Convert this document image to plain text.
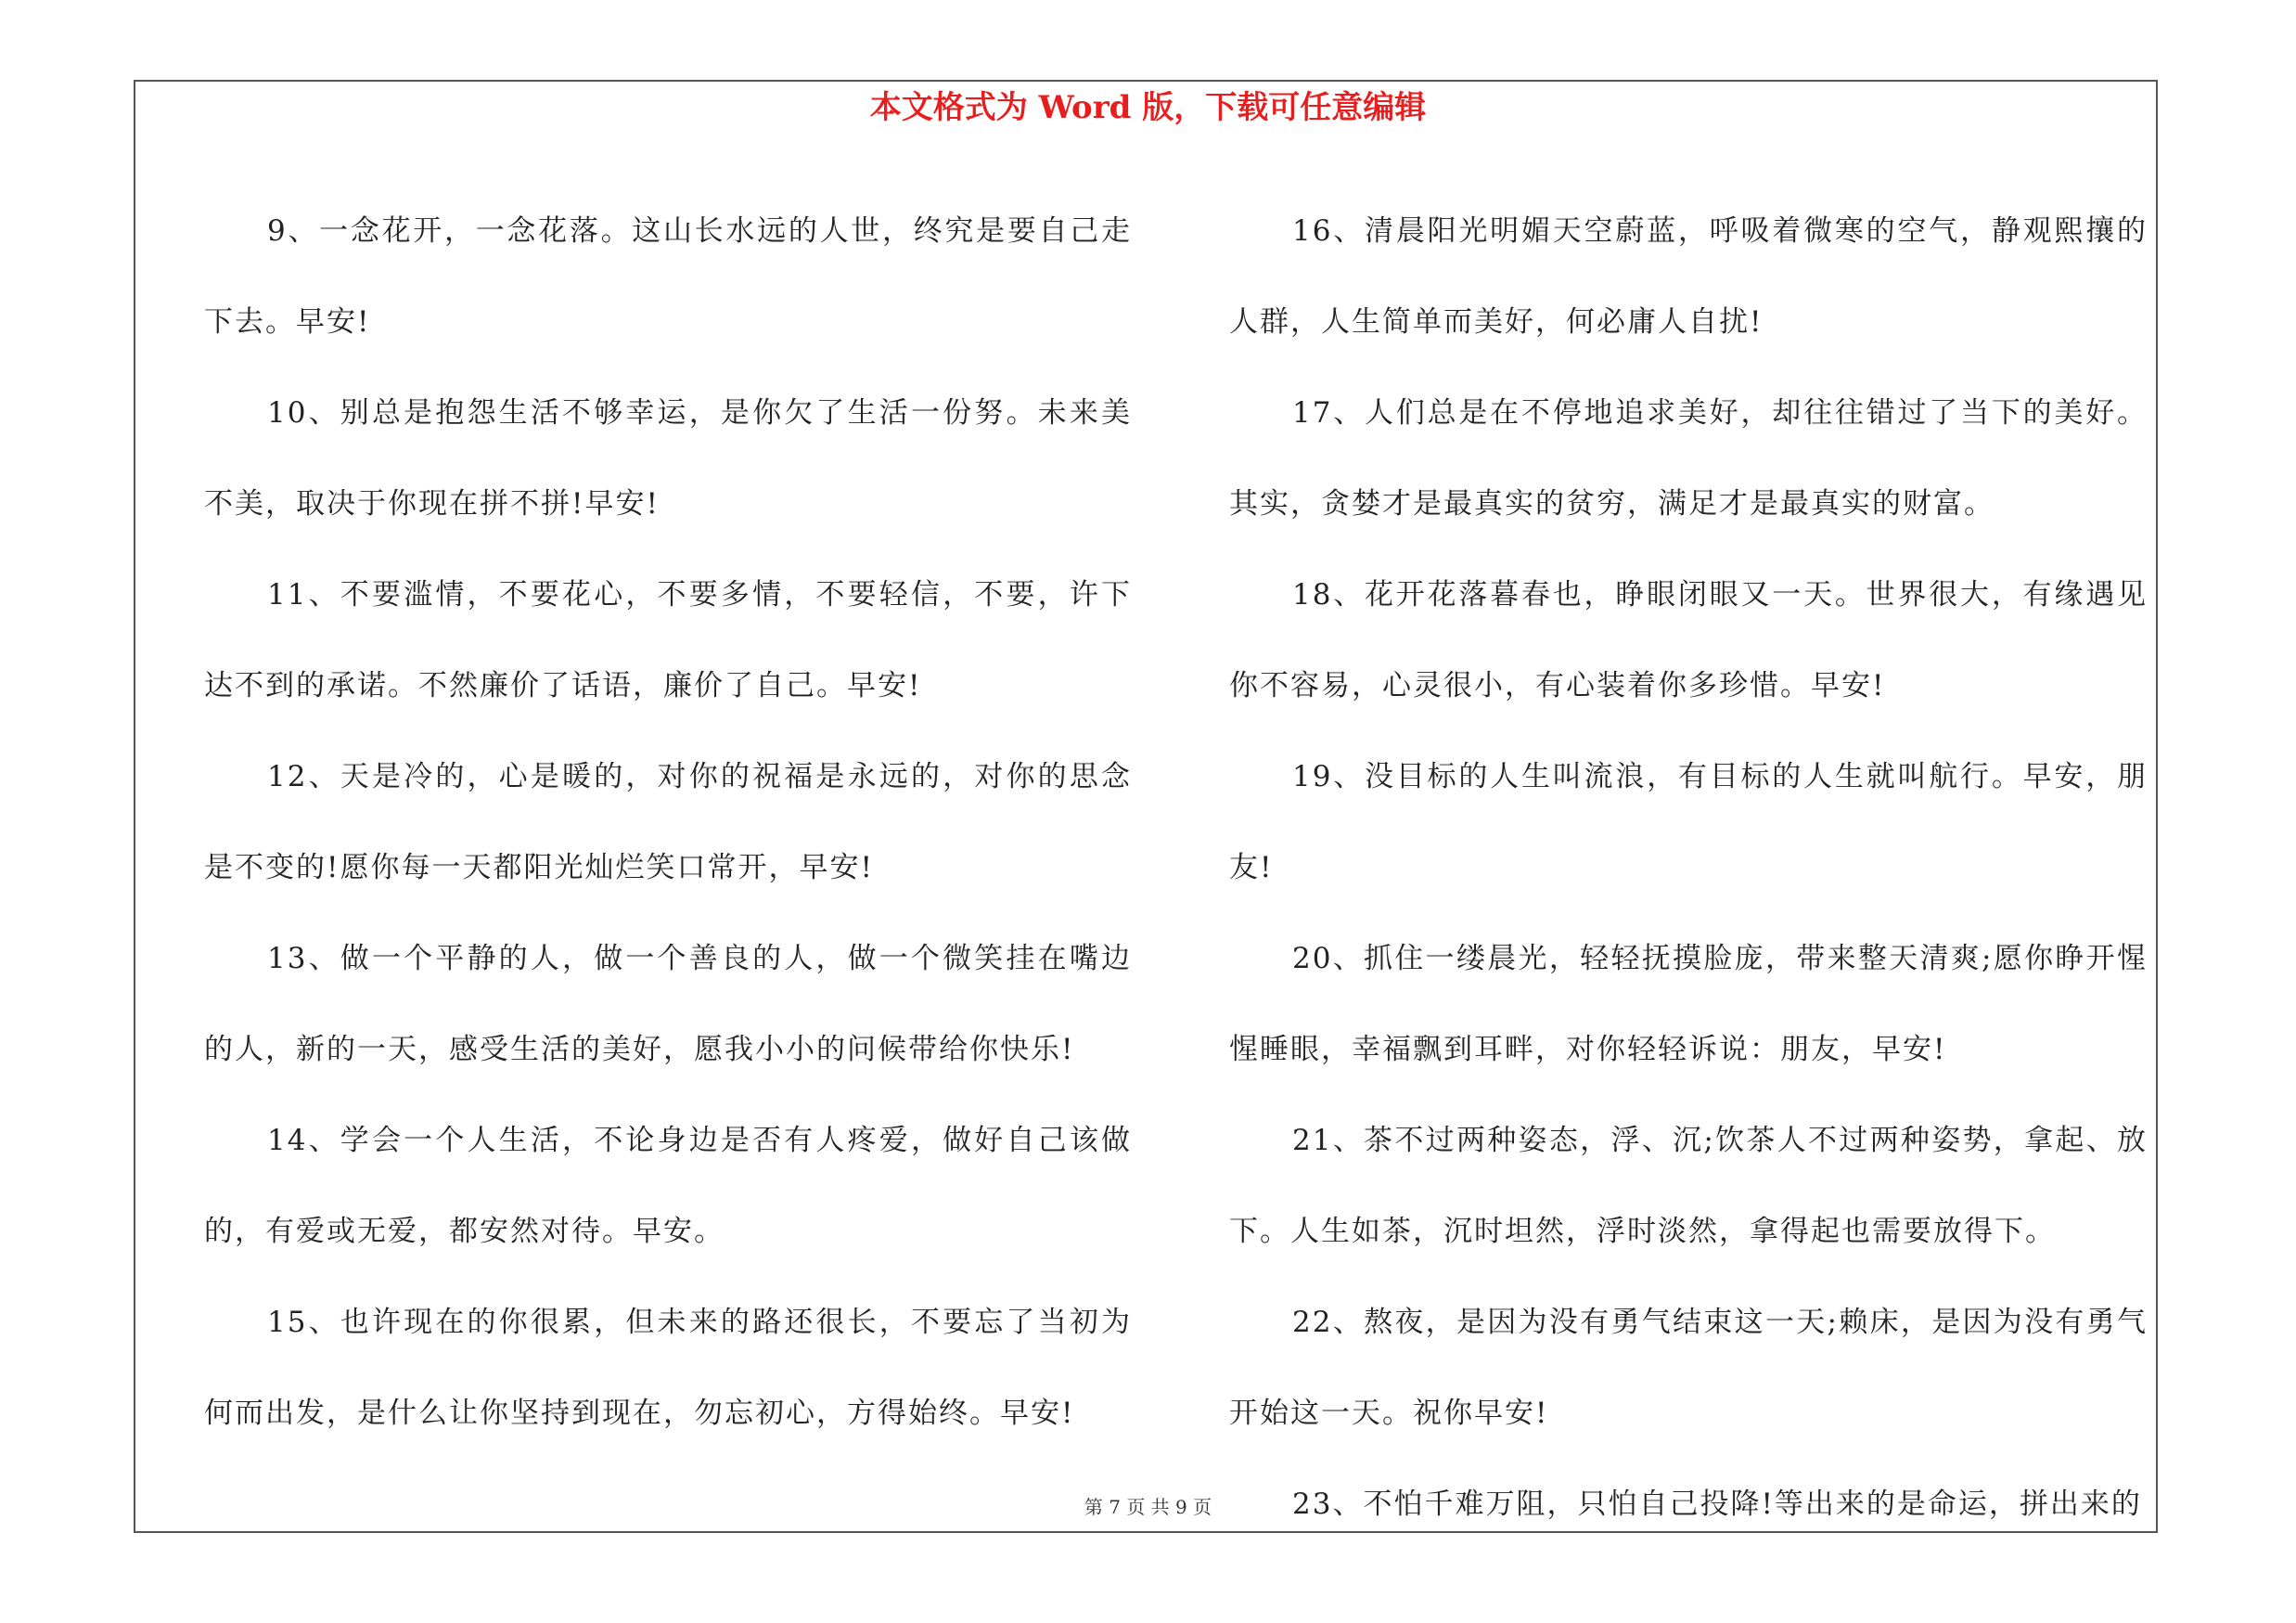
本文格式为 Word 版，下载可任意编辑

9、一念花开，一念花落。这山长水远的人世，终究是要自己走下去。早安!

10、别总是抱怨生活不够幸运，是你欠了生活一份努。未来美不美，取决于你现在拼不拼!早安!

11、不要滥情，不要花心，不要多情，不要轻信，不要，许下达不到的承诺。不然廉价了话语，廉价了自己。早安!

12、天是冷的，心是暖的，对你的祝福是永远的，对你的思念是不变的!愿你每一天都阳光灿烂笑口常开，早安!

13、做一个平静的人，做一个善良的人，做一个微笑挂在嘴边的人，新的一天，感受生活的美好，愿我小小的问候带给你快乐!

14、学会一个人生活，不论身边是否有人疼爱，做好自己该做的，有爱或无爱，都安然对待。早安。

15、也许现在的你很累，但未来的路还很长，不要忘了当初为何而出发，是什么让你坚持到现在，勿忘初心，方得始终。早安!

16、清晨阳光明媚天空蔚蓝，呼吸着微寒的空气，静观熙攘的人群，人生简单而美好，何必庸人自扰!

17、人们总是在不停地追求美好，却往往错过了当下的美好。其实，贪婪才是最真实的贫穷，满足才是最真实的财富。

18、花开花落暮春也，睁眼闭眼又一天。世界很大，有缘遇见你不容易，心灵很小，有心装着你多珍惜。早安!

19、没目标的人生叫流浪，有目标的人生就叫航行。早安，朋友!

20、抓住一缕晨光，轻轻抚摸脸庞，带来整天清爽;愿你睁开惺惺睡眼，幸福飘到耳畔，对你轻轻诉说：朋友，早安!

21、茶不过两种姿态，浮、沉;饮茶人不过两种姿势，拿起、放下。人生如茶，沉时坦然，浮时淡然，拿得起也需要放得下。

22、熬夜，是因为没有勇气结束这一天;赖床，是因为没有勇气开始这一天。祝你早安!

23、不怕千难万阻，只怕自己投降!等出来的是命运，拼出来的

第 7 页 共 9 页
